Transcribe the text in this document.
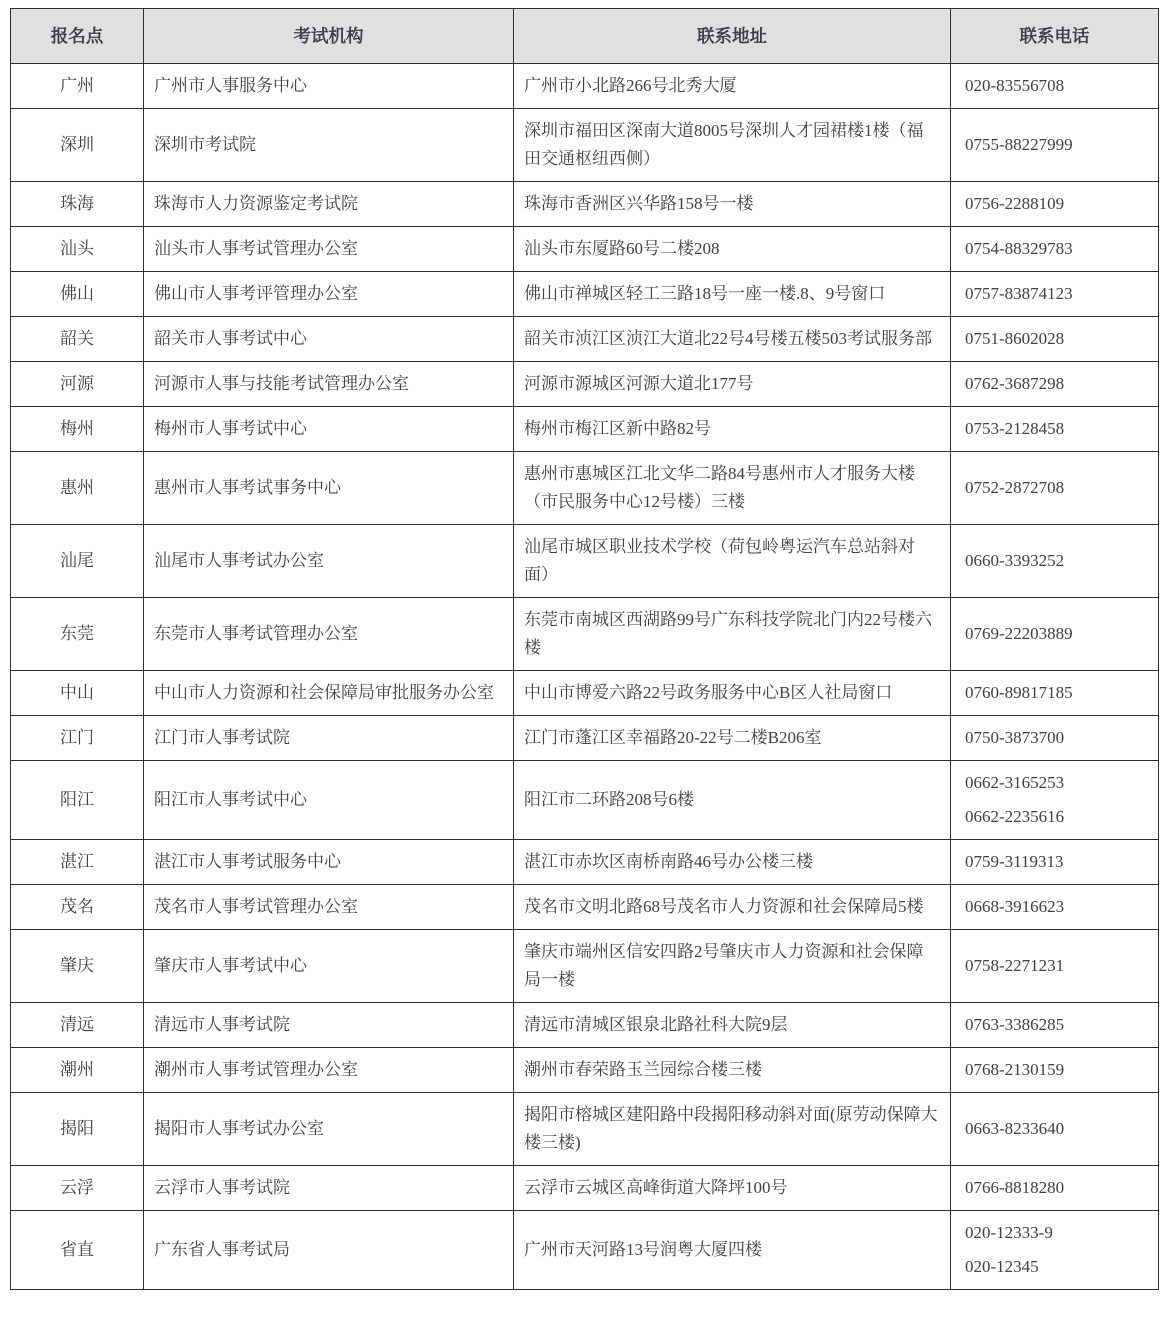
报名点	考试机构	联系地址	联系电话
广州	广州市人事服务中心	广州市小北路266号北秀大厦	020-83556708

深圳	深圳市考试院	深圳市福田区深南大道8005号深圳人才园裙楼1楼（福田交通枢纽西侧）	0755-88227999

珠海	珠海市人力资源鉴定考试院	珠海市香洲区兴华路158号一楼	0756-2288109

汕头	汕头市人事考试管理办公室	汕头市东厦路60号二楼208	0754-88329783

佛山	佛山市人事考评管理办公室	佛山市禅城区轻工三路18号一座一楼.8、9号窗口	0757-83874123

韶关	韶关市人事考试中心	韶关市浈江区浈江大道北22号4号楼五楼503考试服务部	0751-8602028

河源	河源市人事与技能考试管理办公室	河源市源城区河源大道北177号	0762-3687298

梅州	梅州市人事考试中心	梅州市梅江区新中路82号	0753-2128458

惠州	惠州市人事考试事务中心	惠州市惠城区江北文华二路84号惠州市人才服务大楼（市民服务中心12号楼）三楼	0752-2872708

汕尾	汕尾市人事考试办公室	汕尾市城区职业技术学校（荷包岭粤运汽车总站斜对面）	0660-3393252

东莞	东莞市人事考试管理办公室	东莞市南城区西湖路99号广东科技学院北门内22号楼六楼	0769-22203889

中山	中山市人力资源和社会保障局审批服务办公室	中山市博爱六路22号政务服务中心B区人社局窗口	0760-89817185

江门	江门市人事考试院	江门市蓬江区幸福路20-22号二楼B206室	0750-3873700

阳江	阳江市人事考试中心	阳江市二环路208号6楼	0662-3165253
0662-2235616

湛江	湛江市人事考试服务中心	湛江市赤坎区南桥南路46号办公楼三楼	0759-3119313

茂名	茂名市人事考试管理办公室	茂名市文明北路68号茂名市人力资源和社会保障局5楼	0668-3916623

肇庆	肇庆市人事考试中心	肇庆市端州区信安四路2号肇庆市人力资源和社会保障局一楼	0758-2271231

清远	清远市人事考试院	清远市清城区银泉北路社科大院9层	0763-3386285

潮州	潮州市人事考试管理办公室	潮州市春荣路玉兰园综合楼三楼	0768-2130159

揭阳	揭阳市人事考试办公室	揭阳市榕城区建阳路中段揭阳移动斜对面(原劳动保障大楼三楼)	0663-8233640

云浮	云浮市人事考试院	云浮市云城区高峰街道大降坪100号	0766-8818280

省直	广东省人事考试局	广州市天河路13号润粤大厦四楼	020-12333-9
020-12345
